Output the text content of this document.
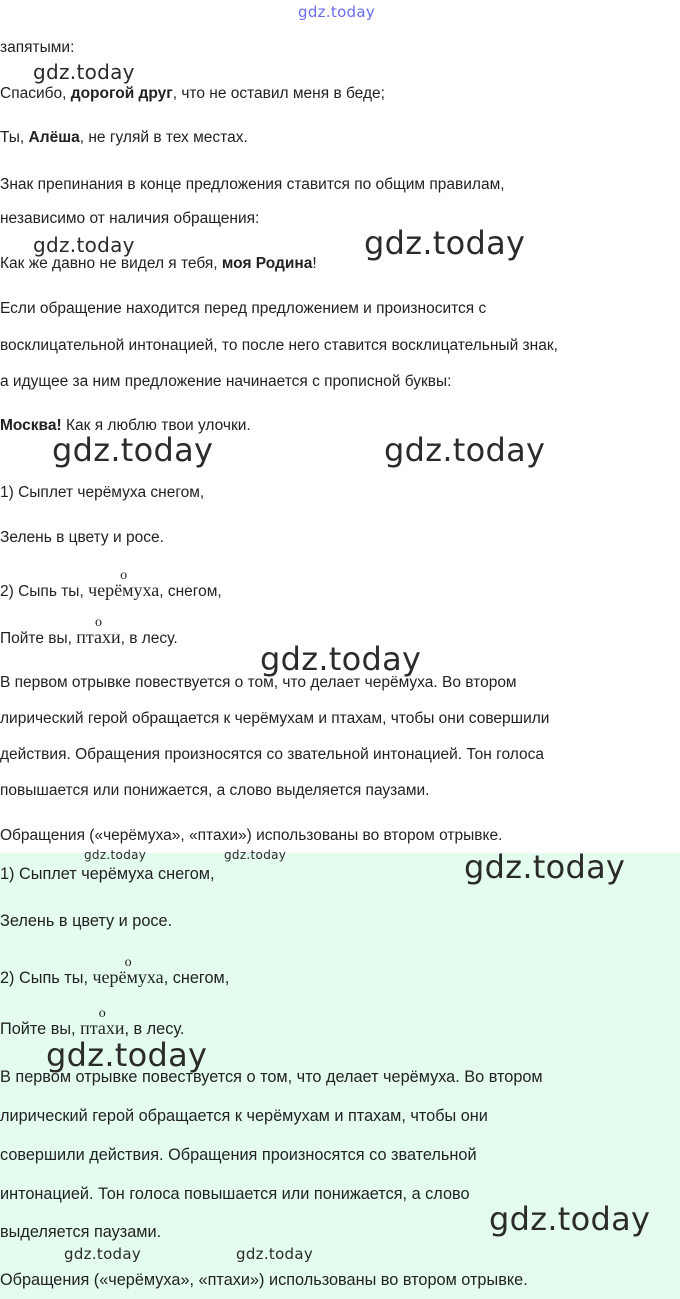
gdz.today
запятыми:
gdz.today
Спасибо, дорогой друг, что не оставил меня в беде;
Ты, Алёша, не гуляй в тех местах.
Знак препинания в конце предложения ставится по общим правилам,
независимо от наличия обращения:
gdz.today	gdz.today
Как же давно не видел я тебя, моя Родина!
Если обращение находится перед предложением и произносится с
восклицательной интонацией, то после него ставится восклицательный знак,
а идущее за ним предложение начинается с прописной буквы:
Москва! Как я люблю твои улочки.
gdz.today	gdz.today
1) Сыплет черёмуха снегом,
Зелень в цвету и росе.
2) Сыпь ты,
о
черёмуха, снегом,
Пойте вы,
о
птахи, в лесу.
gdz.today
В первом отрывке повествуется о том, что делает черёмуха. Во втором
лирический герой обращается к черёмухам и птахам, чтобы они совершили
действия. Обращения произносятся со звательной интонацией. Тон голоса
повышается или понижается, а слово выделяется паузами.
Обращения («черёмуха», «птахи») использованы во втором отрывке.
gdz.today	gdz.today	gdz.today
1) Сыплет черёмуха снегом,
Зелень в цвету и росе.
2) Сыпь ты,
о
черёмуха, снегом,
Пойте вы,
о
птахи, в лесу.
gdz.today
В первом отрывке повествуется о том, что делает черёмуха. Во втором
лирический герой обращается к черёмухам и птахам, чтобы они
совершили действия. Обращения произносятся со звательной
интонацией. Тон голоса повышается или понижается, а слово
gdz.today
выделяется паузами.
gdz.today	gdz.today
Обращения («черёмуха», «птахи») использованы во втором отрывке.
